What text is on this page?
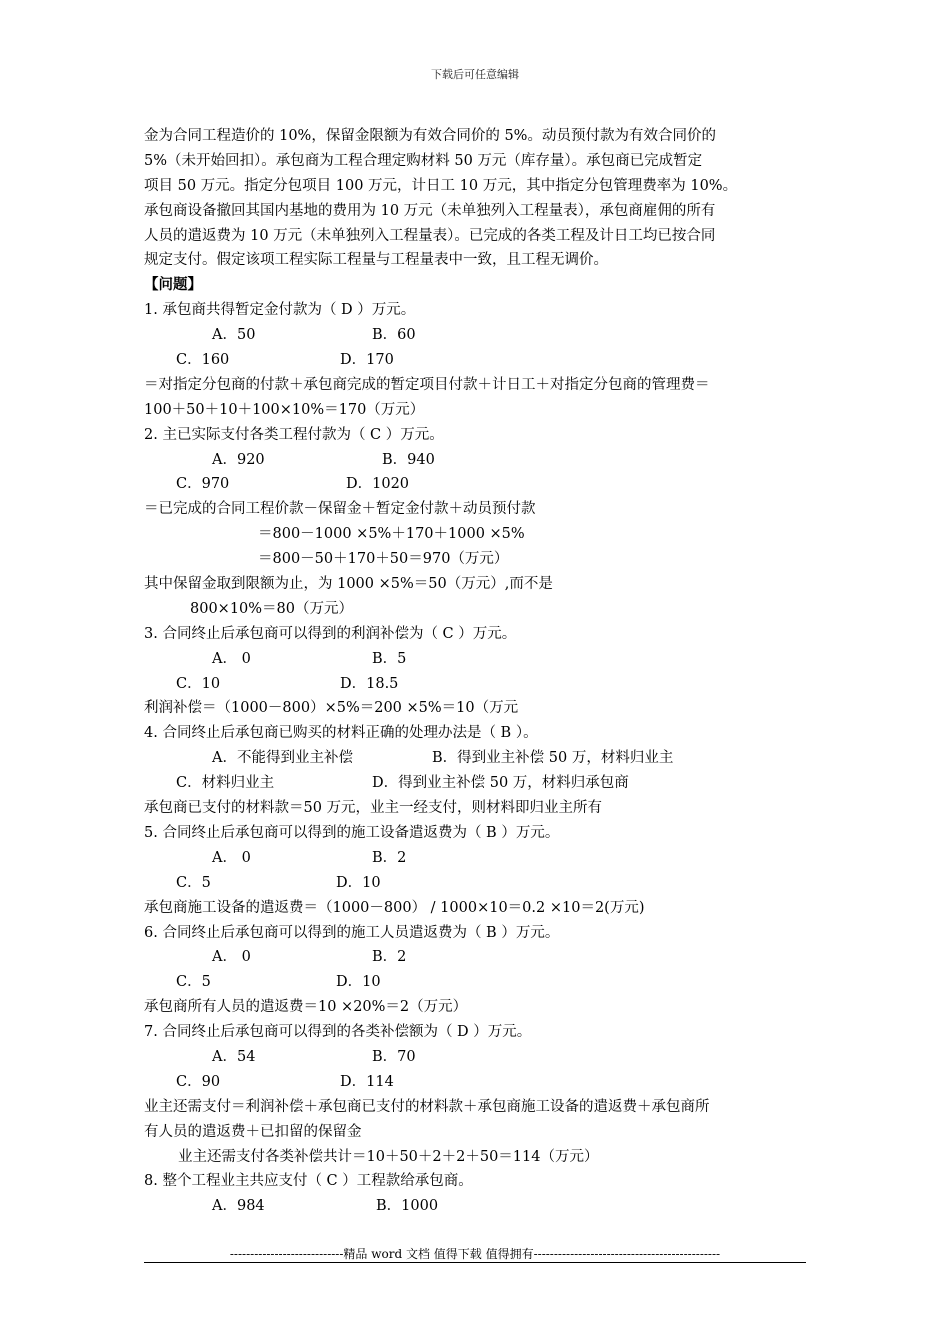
下载后可任意编辑
金为合同工程造价的 10%，保留金限额为有效合同价的 5%。动员预付款为有效合同价的
5%（未开始回扣）。承包商为工程合理定购材料 50 万元（库存量）。承包商已完成暂定
项目 50 万元。指定分包项目 100 万元，计日工 10 万元，其中指定分包管理费率为 10%。
承包商设备撤回其国内基地的费用为 10 万元（未单独列入工程量表），承包商雇佣的所有
人员的遣返费为 10 万元（未单独列入工程量表）。已完成的各类工程及计日工均已按合同
规定支付。假定该项工程实际工程量与工程量表中一致，且工程无调价。
【问题】
1. 承包商共得暂定金付款为（ D ）万元。
A．50	B．60
C．160	D．170
＝对指定分包商的付款＋承包商完成的暂定项目付款＋计日工＋对指定分包商的管理费＝
100＋50＋10＋100×10%＝170（万元）
2. 主已实际支付各类工程付款为（ C ）万元。
A．920	B．940
C．970	D．1020
＝已完成的合同工程价款－保留金＋暂定金付款＋动员预付款
＝800－1000 ×5%＋170＋1000 ×5%
＝800－50＋170＋50＝970（万元）
其中保留金取到限额为止，为 1000 ×5%＝50（万元）,而不是
800×10%＝80（万元）
3. 合同终止后承包商可以得到的利润补偿为（ C ）万元。
A． 0	B．5
C．10	D．18.5
利润补偿＝（1000－800）×5%＝200 ×5%＝10（万元
4. 合同终止后承包商已购买的材料正确的处理办法是（ B ）。
A．不能得到业主补偿	B．得到业主补偿 50 万，材料归业主
C．材料归业主	D．得到业主补偿 50 万，材料归承包商
承包商已支付的材料款＝50 万元，业主一经支付，则材料即归业主所有
5. 合同终止后承包商可以得到的施工设备遣返费为（ B ）万元。
A． 0	B．2
C．5	D．10
承包商施工设备的遣返费＝（1000－800） / 1000×10＝0.2 ×10＝2(万元)
6. 合同终止后承包商可以得到的施工人员遣返费为（ B ）万元。
A． 0	B．2
C．5	D．10
承包商所有人员的遣返费＝10 ×20%＝2（万元）
7. 合同终止后承包商可以得到的各类补偿额为（ D ）万元。
A．54	B．70
C．90	D．114
业主还需支付＝利润补偿＋承包商已支付的材料款＋承包商施工设备的遣返费＋承包商所
有人员的遣返费＋已扣留的保留金
业主还需支付各类补偿共计＝10＋50＋2＋2＋50＝114（万元）
8. 整个工程业主共应支付（ C ）工程款给承包商。
A．984	B．1000
----------------------------精品 word 文档 值得下载 值得拥有----------------------------------------------
